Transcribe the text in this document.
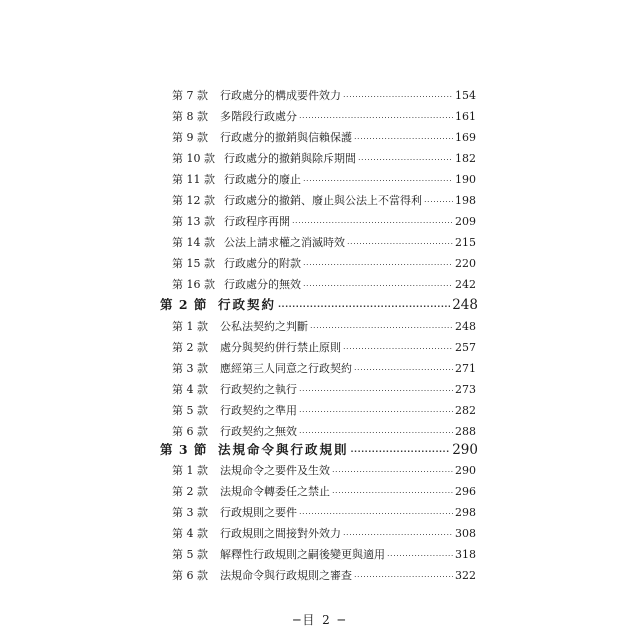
第 7 款	行政處分的構成要件效力 .....	154
第 8 款	多階段行政處分 .....	161
第 9 款	行政處分的撤銷與信賴保護 .....	169
第 10 款 行政處分的撤銷與除斥期間 .....	182
第 11 款 行政處分的廢止 .....	190
第 12 款 行政處分的撤銷、廢止與公法上不當得利 .....	198
第 13 款 行政程序再開 .....	209
第 14 款 公法上請求權之消滅時效 .....	215
第 15 款 行政處分的附款 .....	220
第 16 款 行政處分的無效 .....	242
第 2 節 行政契約 .....	248
第 1 款	公私法契約之判斷 .....	248
第 2 款	處分與契約併行禁止原則 .....	257
第 3 款	應經第三人同意之行政契約 .....	271
第 4 款	行政契約之執行 .....	273
第 5 款	行政契約之準用 .....	282
第 6 款	行政契約之無效 .....	288
第 3 節 法規命令與行政規則 .....	290
第 1 款	法規命令之要件及生效 .....	290
第 2 款	法規命令轉委任之禁止 .....	296
第 3 款	行政規則之要件 .....	298
第 4 款	行政規則之間接對外效力 .....	308
第 5 款	解釋性行政規則之嗣後變更與適用 .....	318
第 6 款	法規命令與行政規則之審查 .....	322
─目 2 ─
